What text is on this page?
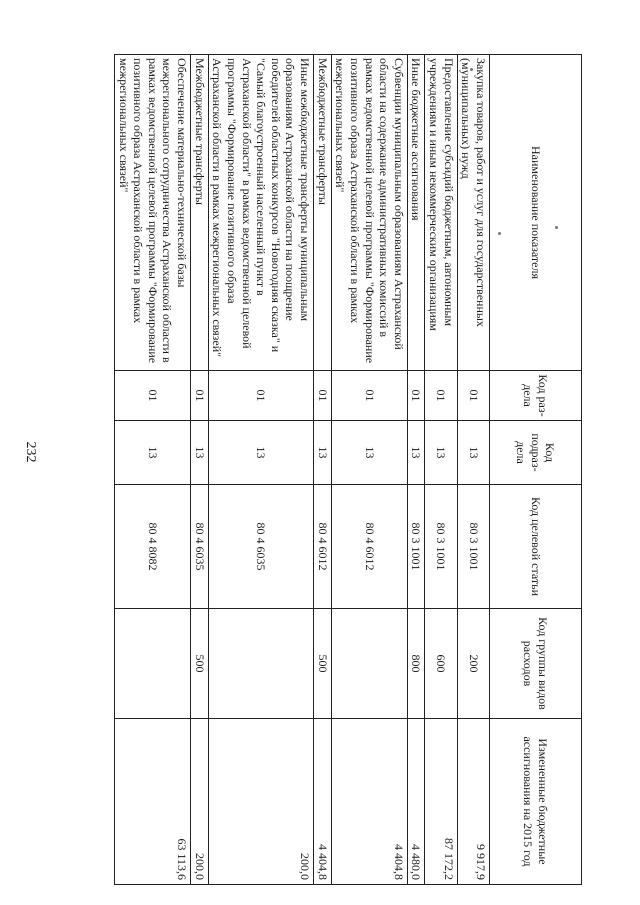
232
Наименование показателя	Код раз-дела	Код подраз-дела	Код целевой статьи	Код группы видов расходов	Измененные бюджетные ассигнования на 2015 год
Закупка товаров, работ и услуг для государственных (муниципальных) нужд	01	13	80 3 1001	200	9 917,9
Предоставление субсидий бюджетным, автономным учреждениям и иным некоммерческим организациям	01	13	80 3 1001	600	87 172,2
Иные бюджетные ассигнования	01	13	80 3 1001	800	4 480,0
Субвенции муниципальным образованиям Астраханской области на содержание административных комиссий в рамках ведомственной целевой программы "Формирование позитивного образа Астраханской области в рамках межрегиональных связей"	01	13	80 4 6012		4 404,8
Межбюджетные трансферты	01	13	80 4 6012	500	4 404,8
Иные межбюджетные трансферты муниципальным образованиям Астраханской области на поощрение победителей областных конкурсов "Новогодняя сказка" и "Самый благоустроенный населенный пункт в Астраханской области" в рамках ведомственной целевой программы "Формирование позитивного образа Астраханской области в рамках межрегиональных связей"	01	13	80 4 6035		200,0
Межбюджетные трансферты	01	13	80 4 6035	500	200,0
Обеспечение материально-технической базы межрегионального сотрудничества Астраханской области в рамках ведомственной целевой программы "Формирование позитивного образа Астраханской области в рамках межрегиональных связей"	01	13	80 4 8082		63 113,6
